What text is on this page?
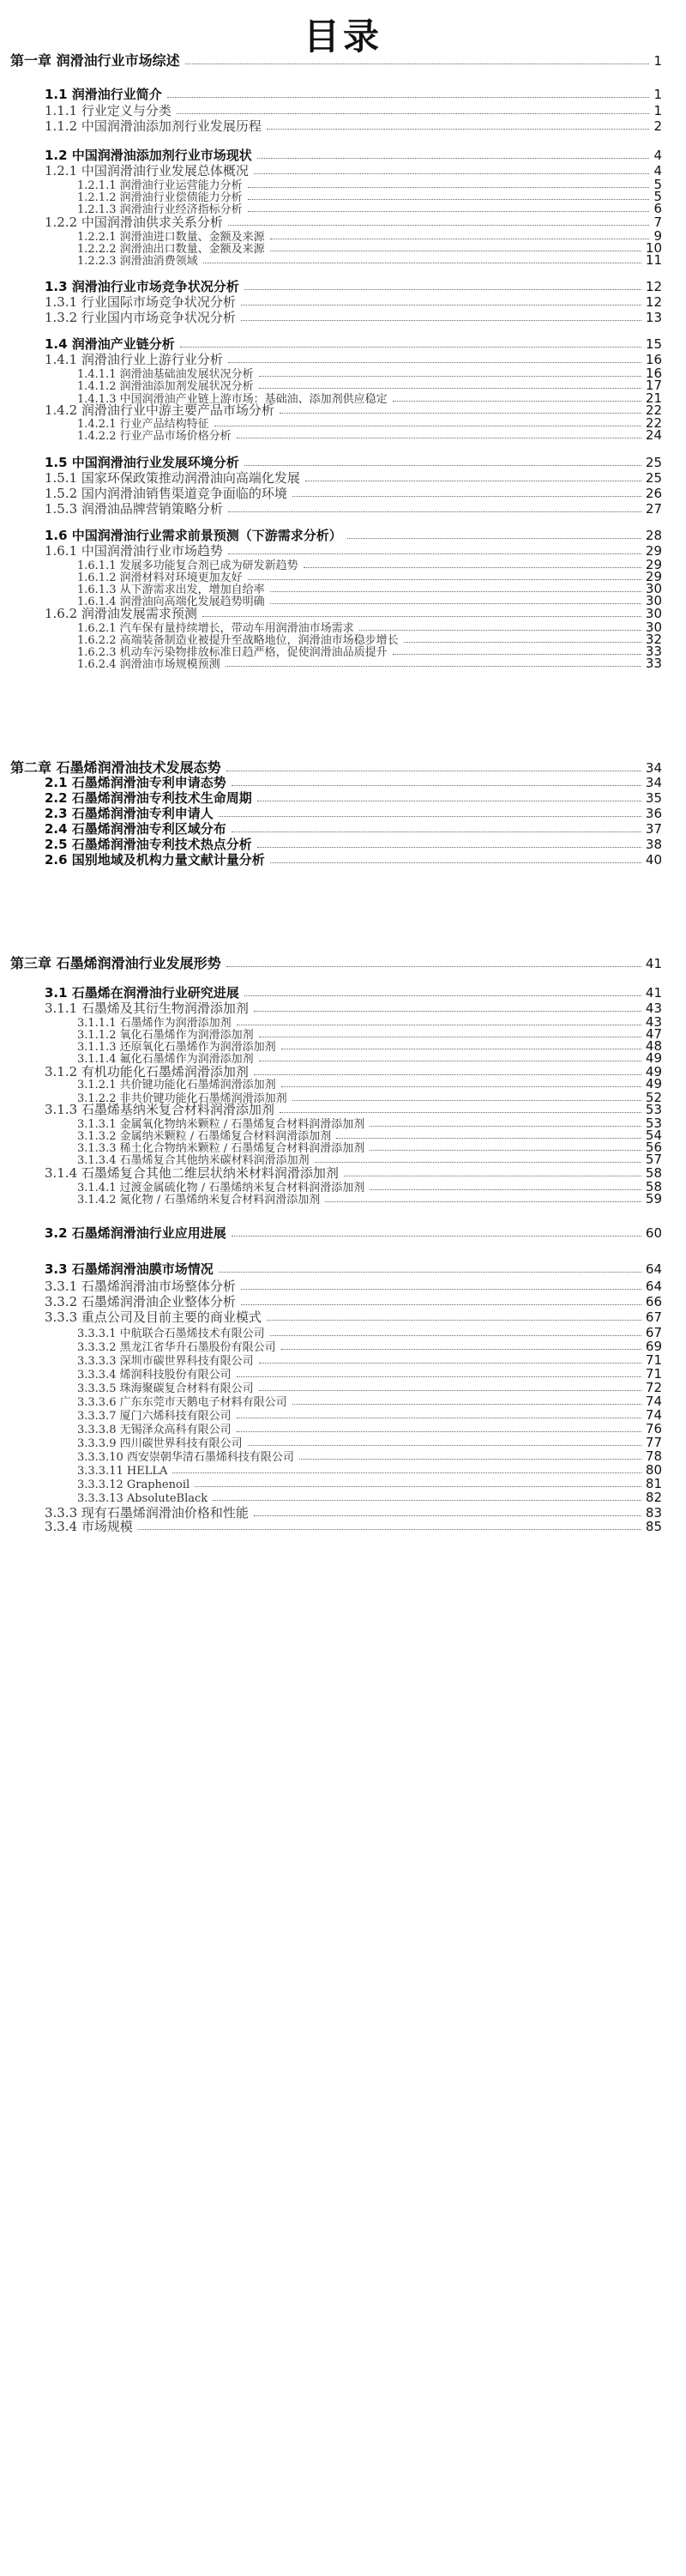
目录
第一章 润滑油行业市场综述	1
1.1 润滑油行业简介	1
1.1.1 行业定义与分类	1
1.1.2 中国润滑油添加剂行业发展历程	2
1.2 中国润滑油添加剂行业市场现状	4
1.2.1 中国润滑油行业发展总体概况	4
1.2.1.1 润滑油行业运营能力分析	5
1.2.1.2 润滑油行业偿债能力分析	5
1.2.1.3 润滑油行业经济指标分析	6
1.2.2 中国润滑油供求关系分析	7
1.2.2.1 润滑油进口数量、金额及来源	9
1.2.2.2 润滑油出口数量、金额及来源	10
1.2.2.3 润滑油消费领域	11
1.3 润滑油行业市场竞争状况分析	12
1.3.1 行业国际市场竞争状况分析	12
1.3.2 行业国内市场竞争状况分析	13
1.4 润滑油产业链分析	15
1.4.1 润滑油行业上游行业分析	16
1.4.1.1 润滑油基础油发展状况分析	16
1.4.1.2 润滑油添加剂发展状况分析	17
1.4.1.3 中国润滑油产业链上游市场：基础油、添加剂供应稳定	21
1.4.2 润滑油行业中游主要产品市场分析	22
1.4.2.1 行业产品结构特征	22
1.4.2.2 行业产品市场价格分析	24
1.5 中国润滑油行业发展环境分析	25
1.5.1 国家环保政策推动润滑油向高端化发展	25
1.5.2 国内润滑油销售渠道竞争面临的环境	26
1.5.3 润滑油品牌营销策略分析	27
1.6 中国润滑油行业需求前景预测（下游需求分析）	28
1.6.1 中国润滑油行业市场趋势	29
1.6.1.1 发展多功能复合剂已成为研发新趋势	29
1.6.1.2 润滑材料对环境更加友好	29
1.6.1.3 从下游需求出发，增加自给率	30
1.6.1.4 润滑油向高端化发展趋势明确	30
1.6.2 润滑油发展需求预测	30
1.6.2.1 汽车保有量持续增长，带动车用润滑油市场需求	30
1.6.2.2 高端装备制造业被提升至战略地位，润滑油市场稳步增长	32
1.6.2.3 机动车污染物排放标准日趋严格，促使润滑油品质提升	33
1.6.2.4 润滑油市场规模预测	33
第二章 石墨烯润滑油技术发展态势	34
2.1 石墨烯润滑油专利申请态势	34
2.2 石墨烯润滑油专利技术生命周期	35
2.3 石墨烯润滑油专利申请人	36
2.4 石墨烯润滑油专利区域分布	37
2.5 石墨烯润滑油专利技术热点分析	38
2.6 国别地域及机构力量文献计量分析	40
第三章 石墨烯润滑油行业发展形势	41
3.1 石墨烯在润滑油行业研究进展	41
3.1.1 石墨烯及其衍生物润滑添加剂	43
3.1.1.1 石墨烯作为润滑添加剂	43
3.1.1.2 氧化石墨烯作为润滑添加剂	47
3.1.1.3 还原氧化石墨烯作为润滑添加剂	48
3.1.1.4 氟化石墨烯作为润滑添加剂	49
3.1.2 有机功能化石墨烯润滑添加剂	49
3.1.2.1 共价键功能化石墨烯润滑添加剂	49
3.1.2.2 非共价键功能化石墨烯润滑添加剂	52
3.1.3 石墨烯基纳米复合材料润滑添加剂	53
3.1.3.1 金属氧化物纳米颗粒 / 石墨烯复合材料润滑添加剂	53
3.1.3.2 金属纳米颗粒 / 石墨烯复合材料润滑添加剂	54
3.1.3.3 稀土化合物纳米颗粒 / 石墨烯复合材料润滑添加剂	56
3.1.3.4 石墨烯复合其他纳米碳材料润滑添加剂	57
3.1.4 石墨烯复合其他二维层状纳米材料润滑添加剂	58
3.1.4.1 过渡金属硫化物 / 石墨烯纳米复合材料润滑添加剂	58
3.1.4.2 氮化物 / 石墨烯纳米复合材料润滑添加剂	59
3.2 石墨烯润滑油行业应用进展	60
3.3 石墨烯润滑油膜市场情况	64
3.3.1 石墨烯润滑油市场整体分析	64
3.3.2 石墨烯润滑油企业整体分析	66
3.3.3 重点公司及目前主要的商业模式	67
3.3.3.1 中航联合石墨烯技术有限公司	67
3.3.3.2 黑龙江省华升石墨股份有限公司	69
3.3.3.3 深圳市碳世界科技有限公司	71
3.3.3.4 烯润科技股份有限公司	71
3.3.3.5 珠海聚碳复合材料有限公司	72
3.3.3.6 广东东莞市天鹅电子材料有限公司	74
3.3.3.7 厦门六烯科技有限公司	74
3.3.3.8 无锡泽众高科有限公司	76
3.3.3.9 四川碳世界科技有限公司	77
3.3.3.10 西安崇朝华清石墨烯科技有限公司	78
3.3.3.11 HELLA	80
3.3.3.12 Graphenoil	81
3.3.3.13 AbsoluteBlack	82
3.3.3 现有石墨烯润滑油价格和性能	83
3.3.4 市场规模	85
